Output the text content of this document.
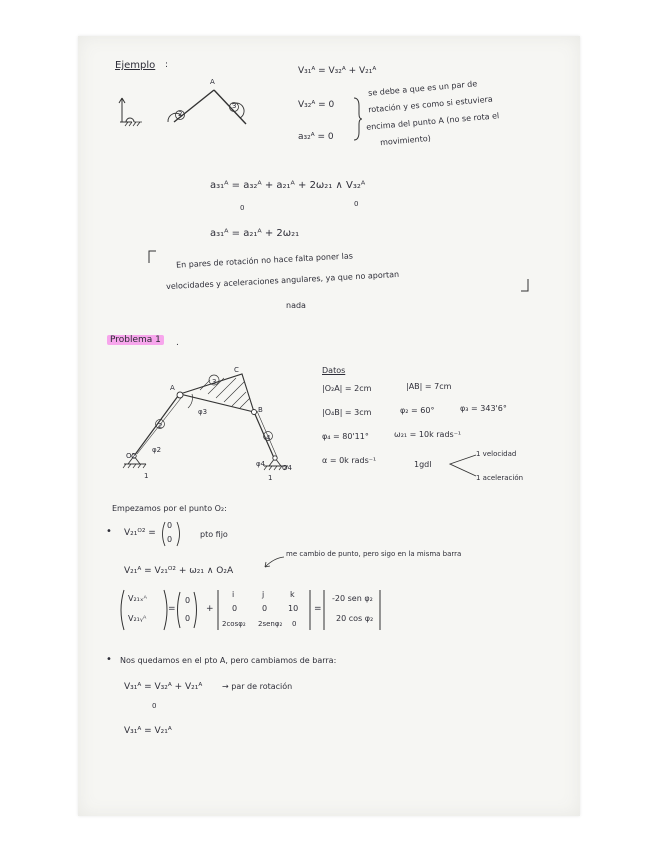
Ejemplo :
A
2
3
V₃₁ᴬ = V₃₂ᴬ + V₂₁ᴬ
V₃₂ᴬ = 0
a₃₂ᴬ = 0
se debe a que es un par de
rotación y es como si estuviera
encima del punto A (no se rota el
movimiento)
a₃₁ᴬ = a₃₂ᴬ + a₂₁ᴬ + 2ω₂₁ ∧ V₃₂ᴬ
0	0
a₃₁ᴬ = a₂₁ᴬ + 2ω₂₁
En pares de rotación no hace falta poner las
velocidades y aceleraciones angulares, ya que no aportan
nada
Problema 1	.
A
C
B
φ3
3
2
4
O2
φ2
1
φ4 O4
1
Datos
|O₂A| = 2cm	|AB| = 7cm
|O₄B| = 3cm	φ₂ = 60°	φ₃ = 343'6°
φ₄ = 80'11°	ω₂₁ = 10k rads⁻¹
α = 0k rads⁻¹	1gdl
1 velocidad
1 aceleración
Empezamos por el punto O₂:
• V₂₁ᴼ² =
0
0
pto fijo
V₂₁ᴬ = V₂₁ᴼ² + ω₂₁ ∧ O₂A
me cambio de punto, pero sigo en la misma barra
V₂₁ₓᴬ
V₂₁ᵧᴬ
=
0
0
+
i	j	k
0	0	10
2cosφ₂ 2senφ₂ 0
=
-20 sen φ₂
20 cos φ₂
• Nos quedamos en el pto A, pero cambiamos de barra:
V₃₁ᴬ = V₃₂ᴬ + V₂₁ᴬ → par de rotación
0
V₃₁ᴬ = V₂₁ᴬ
